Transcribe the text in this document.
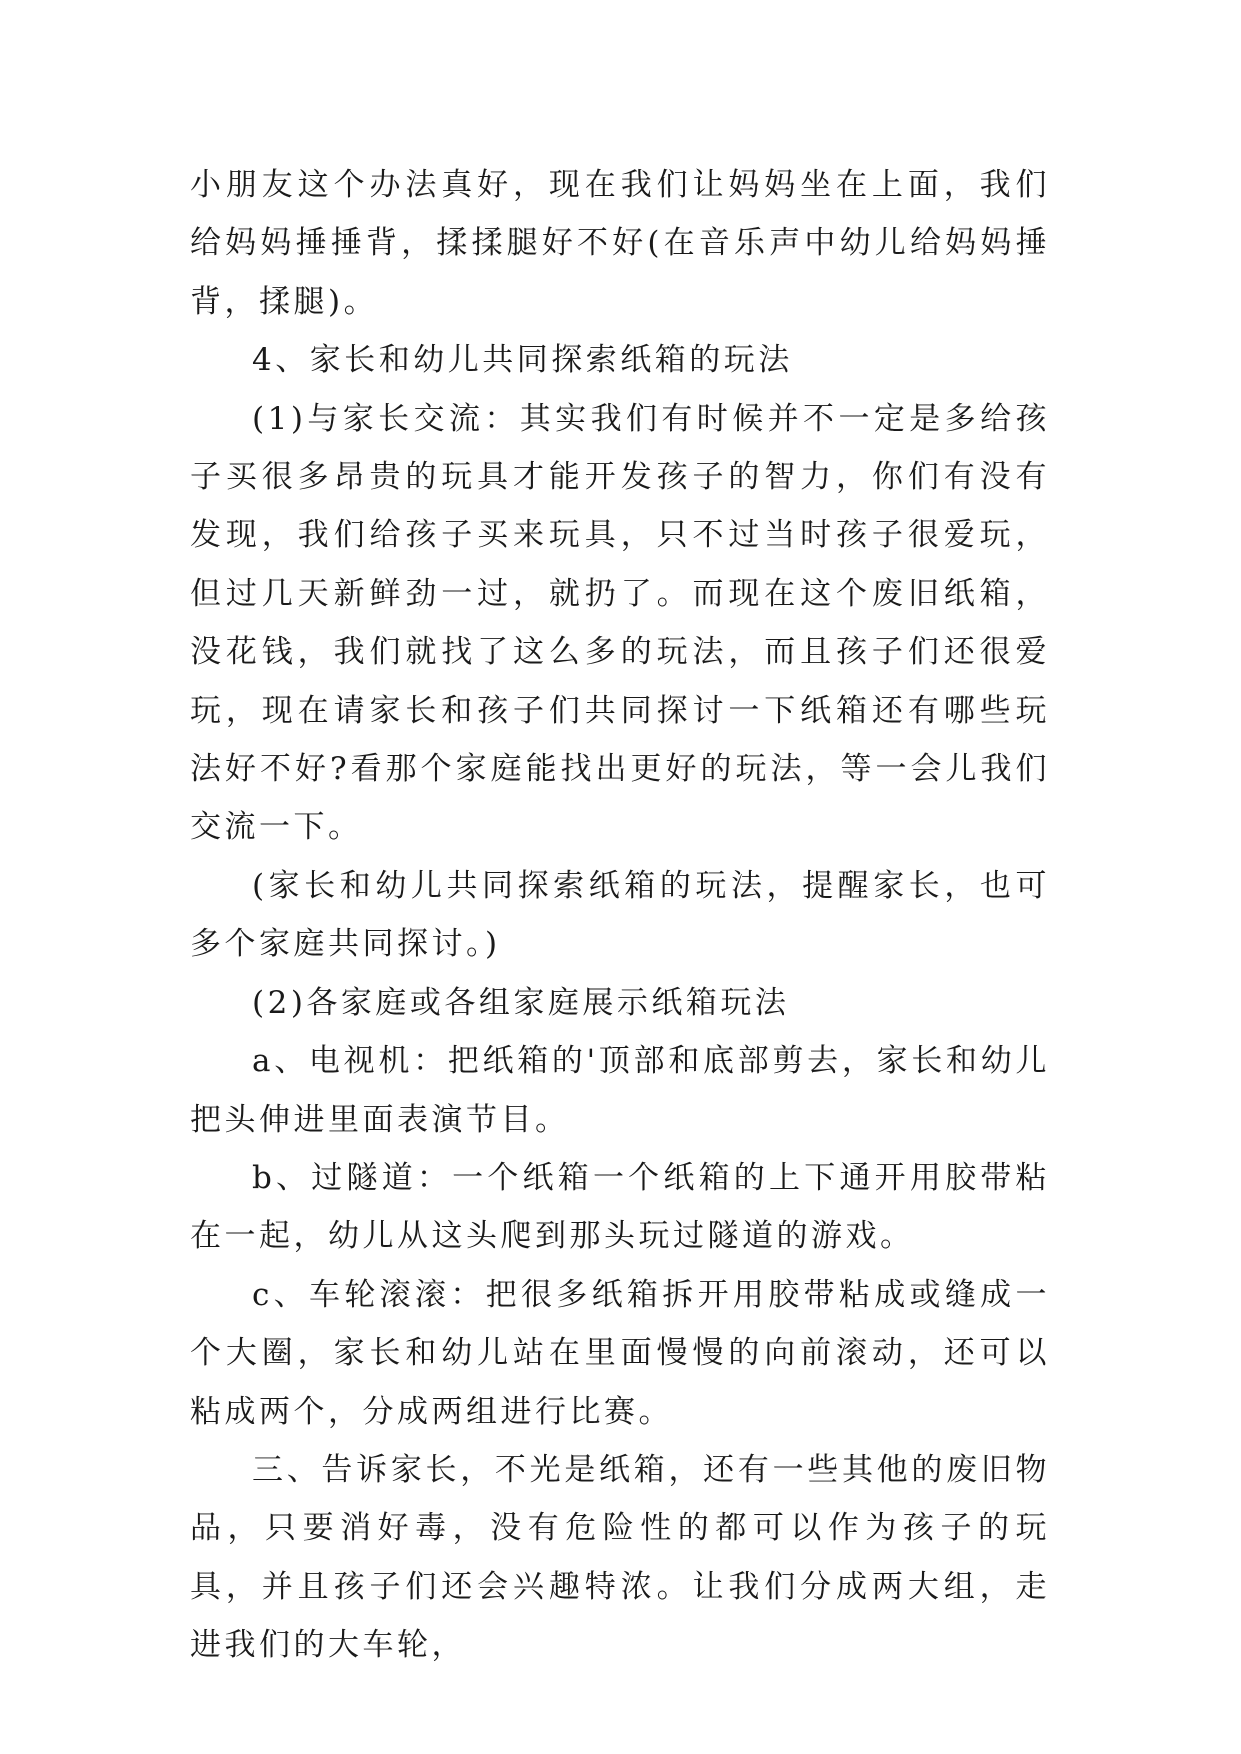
小朋友这个办法真好，现在我们让妈妈坐在上面，我们给妈妈捶捶背，揉揉腿好不好(在音乐声中幼儿给妈妈捶背，揉腿)。

4、家长和幼儿共同探索纸箱的玩法

(1)与家长交流：其实我们有时候并不一定是多给孩子买很多昂贵的玩具才能开发孩子的智力，你们有没有发现，我们给孩子买来玩具，只不过当时孩子很爱玩，但过几天新鲜劲一过，就扔了。而现在这个废旧纸箱，没花钱，我们就找了这么多的玩法，而且孩子们还很爱玩，现在请家长和孩子们共同探讨一下纸箱还有哪些玩法好不好?看那个家庭能找出更好的玩法，等一会儿我们交流一下。

(家长和幼儿共同探索纸箱的玩法，提醒家长，也可多个家庭共同探讨。)

(2)各家庭或各组家庭展示纸箱玩法

a、电视机：把纸箱的'顶部和底部剪去，家长和幼儿把头伸进里面表演节目。

b、过隧道：一个纸箱一个纸箱的上下通开用胶带粘在一起，幼儿从这头爬到那头玩过隧道的游戏。

c、车轮滚滚：把很多纸箱拆开用胶带粘成或缝成一个大圈，家长和幼儿站在里面慢慢的向前滚动，还可以粘成两个，分成两组进行比赛。

三、告诉家长，不光是纸箱，还有一些其他的废旧物品，只要消好毒，没有危险性的都可以作为孩子的玩具，并且孩子们还会兴趣特浓。让我们分成两大组，走进我们的大车轮，
